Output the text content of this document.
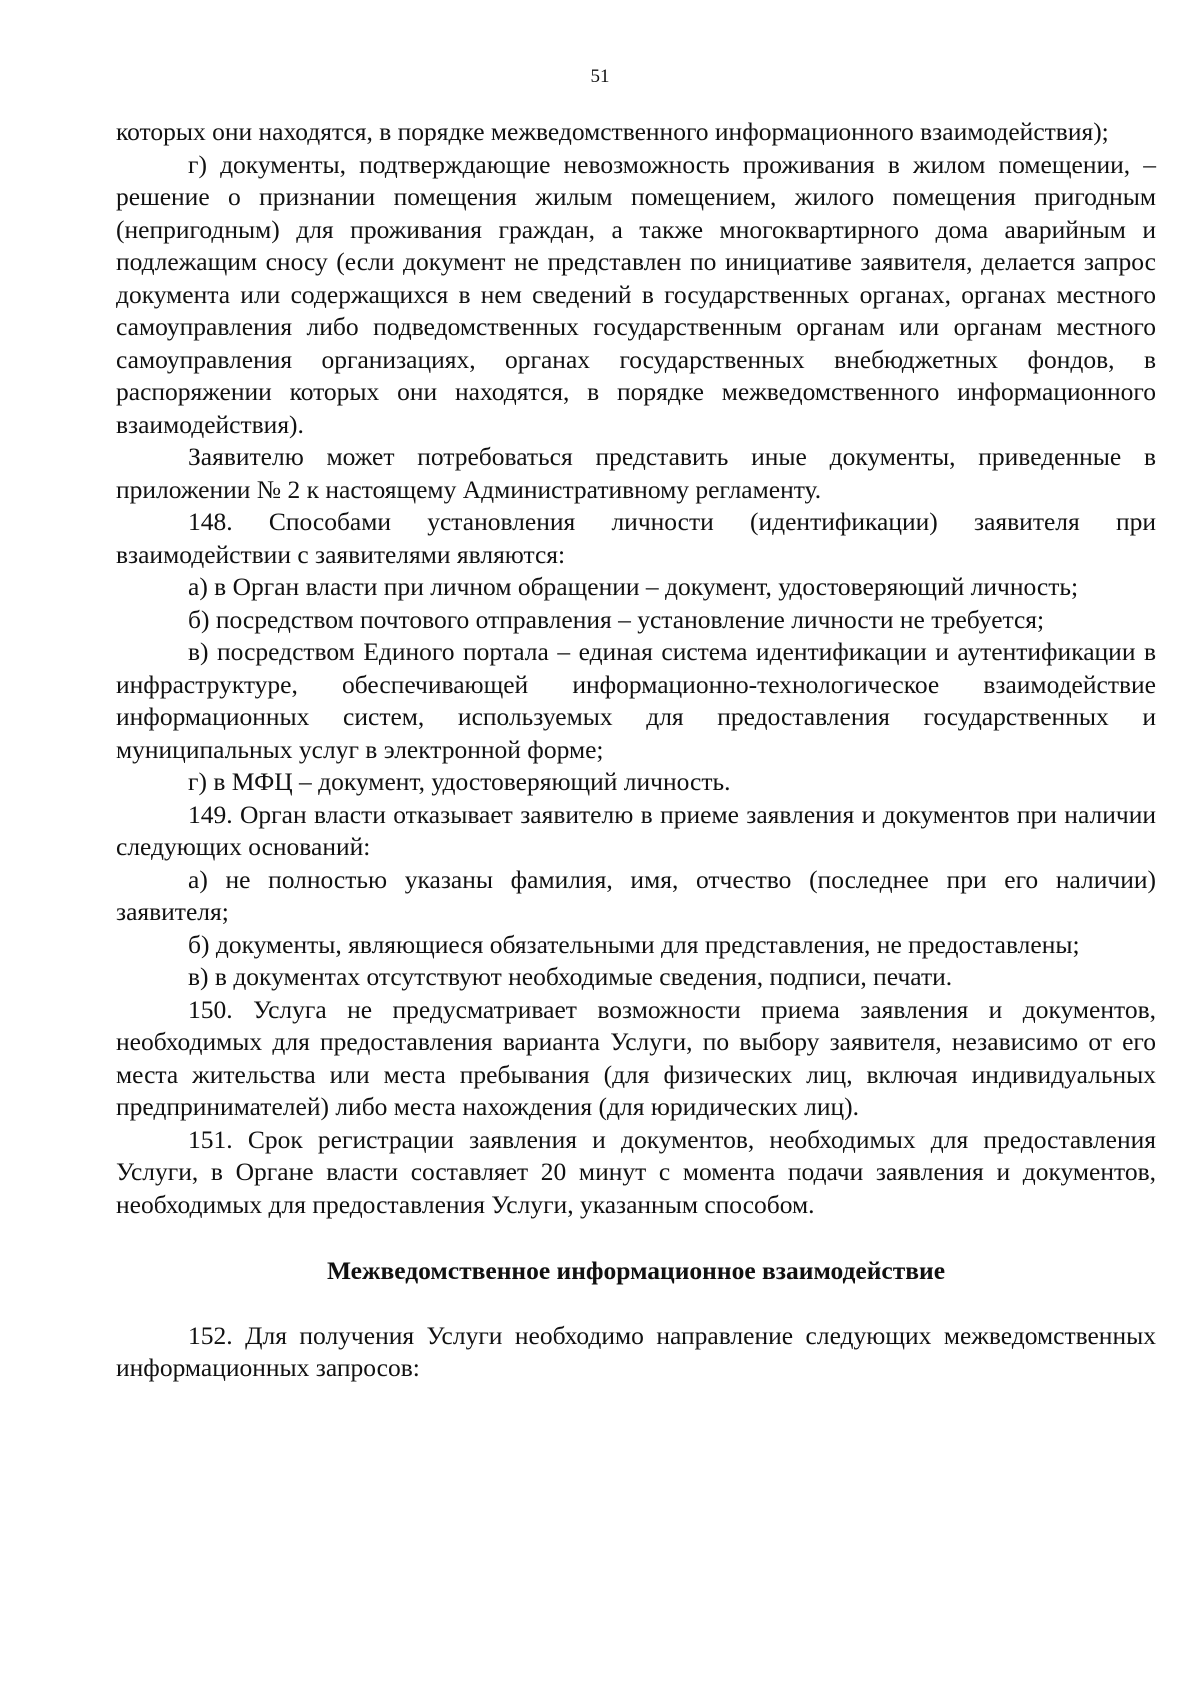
51

которых они находятся, в порядке межведомственного информационного взаимодействия);

г) документы, подтверждающие невозможность проживания в жилом помещении, – решение о признании помещения жилым помещением, жилого помещения пригодным (непригодным) для проживания граждан, а также многоквартирного дома аварийным и подлежащим сносу (если документ не представлен по инициативе заявителя, делается запрос документа или содержащихся в нем сведений в государственных органах, органах местного самоуправления либо подведомственных государственным органам или органам местного самоуправления организациях, органах государственных внебюджетных фондов, в распоряжении которых они находятся, в порядке межведомственного информационного взаимодействия).

Заявителю может потребоваться представить иные документы, приведенные в приложении № 2 к настоящему Административному регламенту.

148. Способами установления личности (идентификации) заявителя при взаимодействии с заявителями являются:

а) в Орган власти при личном обращении – документ, удостоверяющий личность;

б) посредством почтового отправления – установление личности не требуется;

в) посредством Единого портала – единая система идентификации и аутентификации в инфраструктуре, обеспечивающей информационно-технологическое взаимодействие информационных систем, используемых для предоставления государственных и муниципальных услуг в электронной форме;

г) в МФЦ – документ, удостоверяющий личность.

149. Орган власти отказывает заявителю в приеме заявления и документов при наличии следующих оснований:

а) не полностью указаны фамилия, имя, отчество (последнее при его наличии) заявителя;

б) документы, являющиеся обязательными для представления, не предоставлены;

в) в документах отсутствуют необходимые сведения, подписи, печати.

150. Услуга не предусматривает возможности приема заявления и документов, необходимых для предоставления варианта Услуги, по выбору заявителя, независимо от его места жительства или места пребывания (для физических лиц, включая индивидуальных предпринимателей) либо места нахождения (для юридических лиц).

151. Срок регистрации заявления и документов, необходимых для предоставления Услуги, в Органе власти составляет 20 минут с момента подачи заявления и документов, необходимых для предоставления Услуги, указанным способом.

Межведомственное информационное взаимодействие

152. Для получения Услуги необходимо направление следующих межведомственных информационных запросов:
